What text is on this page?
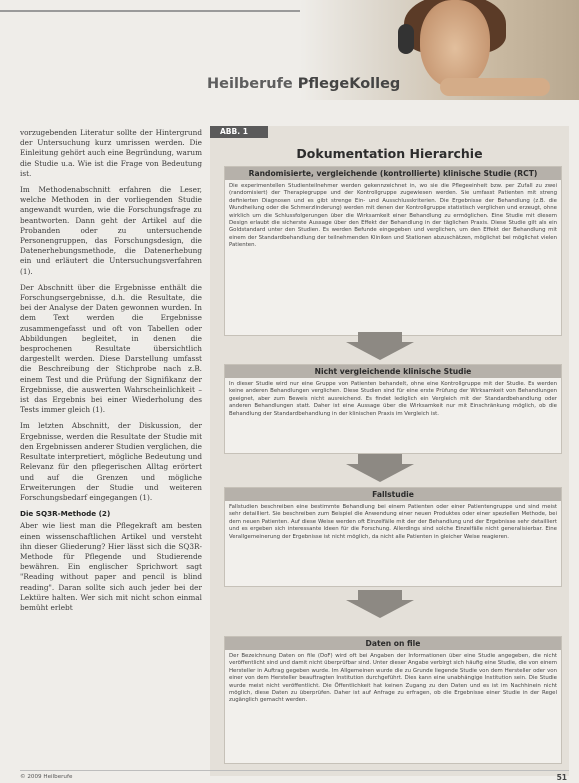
Heilberufe PflegeKolleg

vorzugebenden Literatur sollte der Hintergrund der Untersuchung kurz umrissen werden. Die Einleitung gehört auch eine Begründung, warum die Studie u.a. Wie ist die Frage von Bedeutung ist.

Im Methodenabschnitt erfahren die Leser, welche Methoden in der vorliegenden Studie angewandt wurden, wie die Forschungsfrage zu beantworten. Dann geht der Artikel auf die Probanden oder zu untersuchende Personengruppen, das Forschungsdesign, die Datenerhebungsmethode, die Datenerhebung ein und erläutert die Untersuchungsverfahren (1).

Der Abschnitt über die Ergebnisse enthält die Forschungsergebnisse, d.h. die Resultate, die bei der Analyse der Daten gewonnen wurden. In dem Text werden die Ergebnisse zusammengefasst und oft von Tabellen oder Abbildungen begleitet, in denen die besprochenen Resultate übersichtlich dargestellt werden. Diese Darstellung umfasst die Beschreibung der Stichprobe nach z.B. einem Test und die Prüfung der Signifikanz der Ergebnisse, die auswerten Wahrscheinlichkeit – ist das Ergebnis bei einer Wiederholung des Tests immer gleich (1).

Im letzten Abschnitt, der Diskussion, der Ergebnisse, werden die Resultate der Studie mit den Ergebnissen anderer Studien verglichen, die Resultate interpretiert, mögliche Bedeutung und Relevanz für den pflegerischen Alltag erörtert und auf die Grenzen und mögliche Erweiterungen der Studie und weiteren Forschungsbedarf eingegangen (1).

Die SQ3R-Methode (2)

Aber wie liest man die Pflegekraft am besten einen wissenschaftlichen Artikel und versteht ihn dieser Gliederung? Hier lässt sich die SQ3R-Methode für Pflegende und Studierende bewähren. Ein englischer Sprichwort sagt "Reading without paper and pencil is blind reading". Daran sollte sich auch jeder bei der Lektüre halten. Wer sich mit nicht schon einmal bemüht erlebt

ABB. 1
Dokumentation Hierarchie
Randomisierte, vergleichende (kontrollierte) klinische Studie (RCT)
Die experimentellen Studienteilnehmer werden gekennzeichnet in, wo sie die Pflegeeinheit bzw. per Zufall zu zwei (randomisiert) der Therapiegruppe und der Kontrollgruppe zugewiesen werden. Sie umfasst Patienten mit streng definierten Diagnosen und es gibt strenge Ein- und Ausschlusskriterien. Die Ergebnisse der Behandlung (z.B. die Wundheilung oder die Schmerzlinderung) werden mit denen der Kontrollgruppe statistisch verglichen und erzeugt, ohne wirklich um die Schlussfolgerungen über die Wirksamkeit einer Behandlung zu ermöglichen. Eine Studie mit diesem Design erlaubt die sicherste Aussage über den Effekt der Behandlung in der täglichen Praxis. Diese Studie gilt als ein Goldstandard unter den Studien. Es werden Befunde eingegeben und verglichen, um den Effekt der Behandlung mit einem der Standardbehandlung der teilnehmenden Kliniken und Stationen abzuschätzen, möglichst bei möglichst vielen Patienten.
Nicht vergleichende klinische Studie
In dieser Studie wird nur eine Gruppe von Patienten behandelt, ohne eine Kontrollgruppe mit der Studie. Es werden keine anderen Behandlungen verglichen. Diese Studien sind für eine erste Prüfung der Wirksamkeit von Behandlungen geeignet, aber zum Beweis nicht ausreichend. Es findet lediglich ein Vergleich mit der Standardbehandlung oder anderen Behandlungen statt. Daher ist eine Aussage über die Wirksamkeit nur mit Einschränkung möglich, ob die Behandlung der Standardbehandlung in der klinischen Praxis im Vergleich ist.
Fallstudie
Fallstudien beschreiben eine bestimmte Behandlung bei einem Patienten oder einer Patientengruppe und sind meist sehr detailliert. Sie beschreiben zum Beispiel die Anwendung einer neuen Produktes oder einer speziellen Methode, bei dem neuen Patienten. Auf diese Weise werden oft Einzelfälle mit der der Behandlung und der Ergebnisse sehr detailliert und es ergeben sich interessante Ideen für die Forschung. Allerdings sind solche Einzelfälle nicht generalisierbar. Eine Verallgemeinerung der Ergebnisse ist nicht möglich, da nicht alle Patienten in gleicher Weise reagieren.
Daten on file
Der Bezeichnung Daten on file (DoF) wird oft bei Angaben der Informationen über eine Studie angegeben, die nicht veröffentlicht sind und damit nicht überprüfbar sind. Unter dieser Angabe verbirgt sich häufig eine Studie, die von einem Hersteller in Auftrag gegeben wurde. Im Allgemeinen wurde die zu Grunde liegende Studie von dem Hersteller oder von einer von dem Hersteller beauftragten Institution durchgeführt. Dies kann eine unabhängige Institution sein. Die Studie wurde meist nicht veröffentlicht. Die Öffentlichkeit hat keinen Zugang zu den Daten und es ist im Nachhinein nicht möglich, diese Daten zu überprüfen. Daher ist auf Anfrage zu erfragen, ob die Ergebnisse einer Studie in der Regel zugänglich gemacht werden.
© 2009 Heilberufe	51
